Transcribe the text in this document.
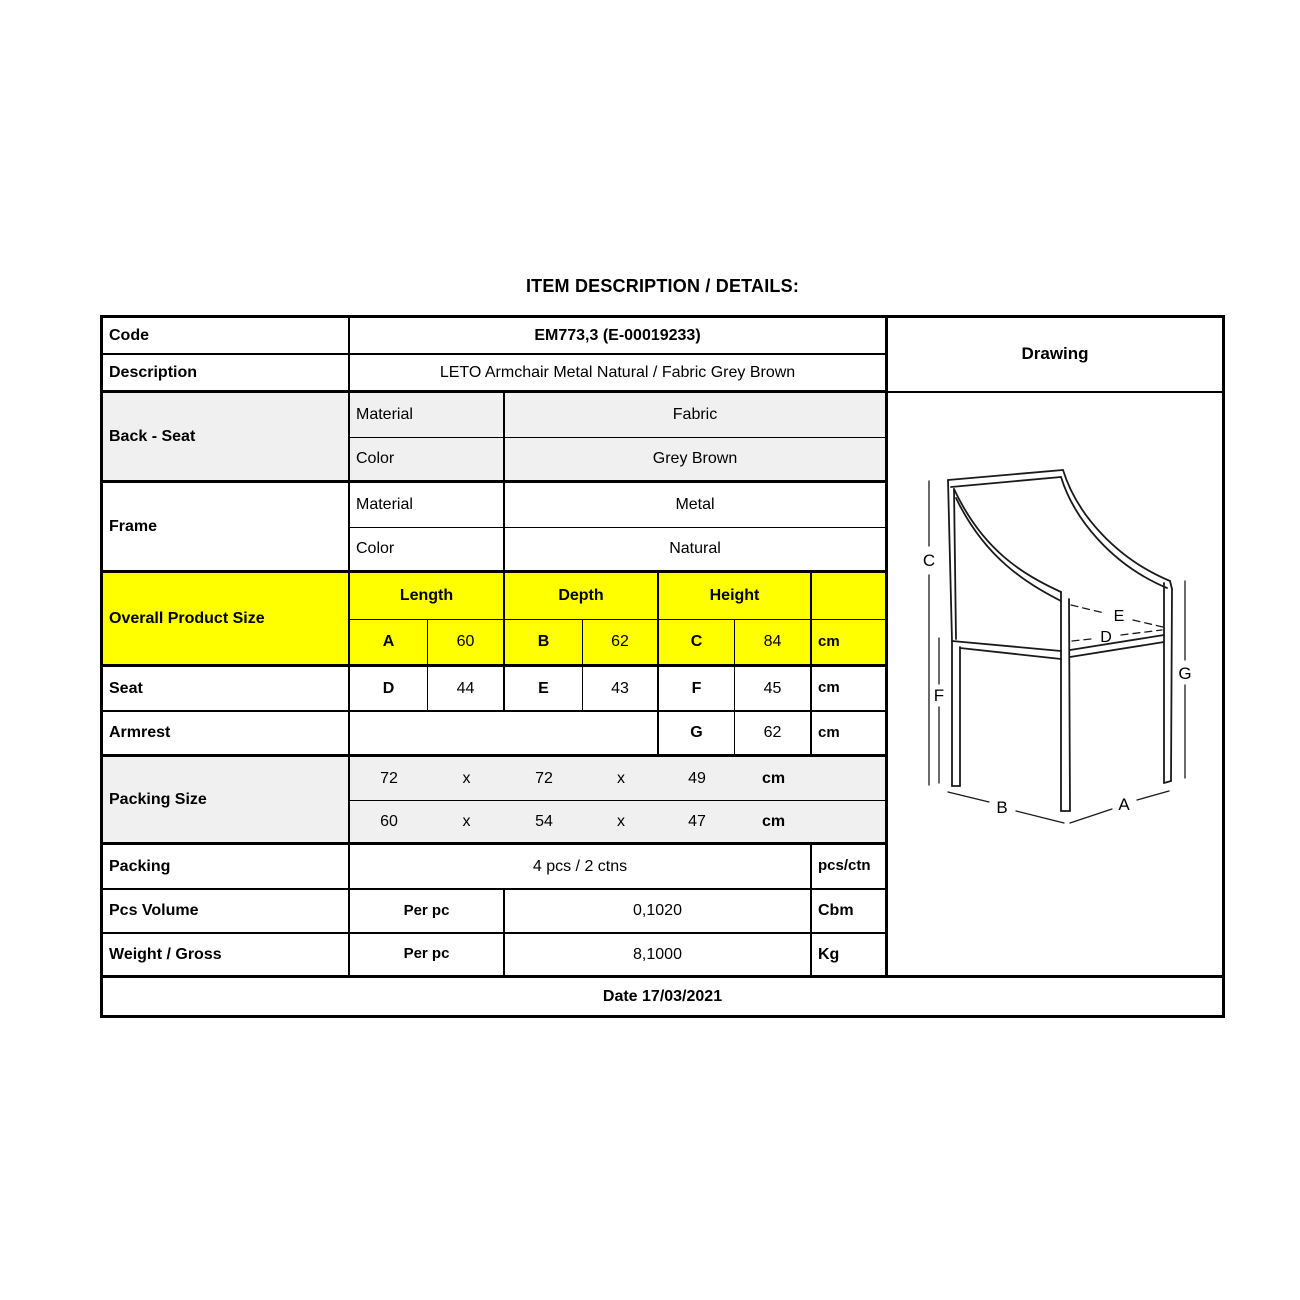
ITEM DESCRIPTION / DETAILS:
Code	EM773,3 (E-00019233)
Drawing
Description	LETO Armchair Metal Natural / Fabric Grey Brown
Back - Seat
Material	Fabric
Color	Grey Brown
Frame
Material	Metal
Color	Natural
Overall Product Size
Length	Depth	Height
A	60	B	62	C	84	cm
Seat	D	44	E	43	F	45	cm
Armrest	G	62	cm
Packing Size
72	x	72	x	49	cm
60	x	54	x	47	cm
Packing	4 pcs / 2 ctns	pcs/ctn
Pcs Volume	Per pc	0,1020	Cbm
Weight / Gross	Per pc	8,1000	Kg
Date 17/03/2021
C
F
G
E
D
B	A
